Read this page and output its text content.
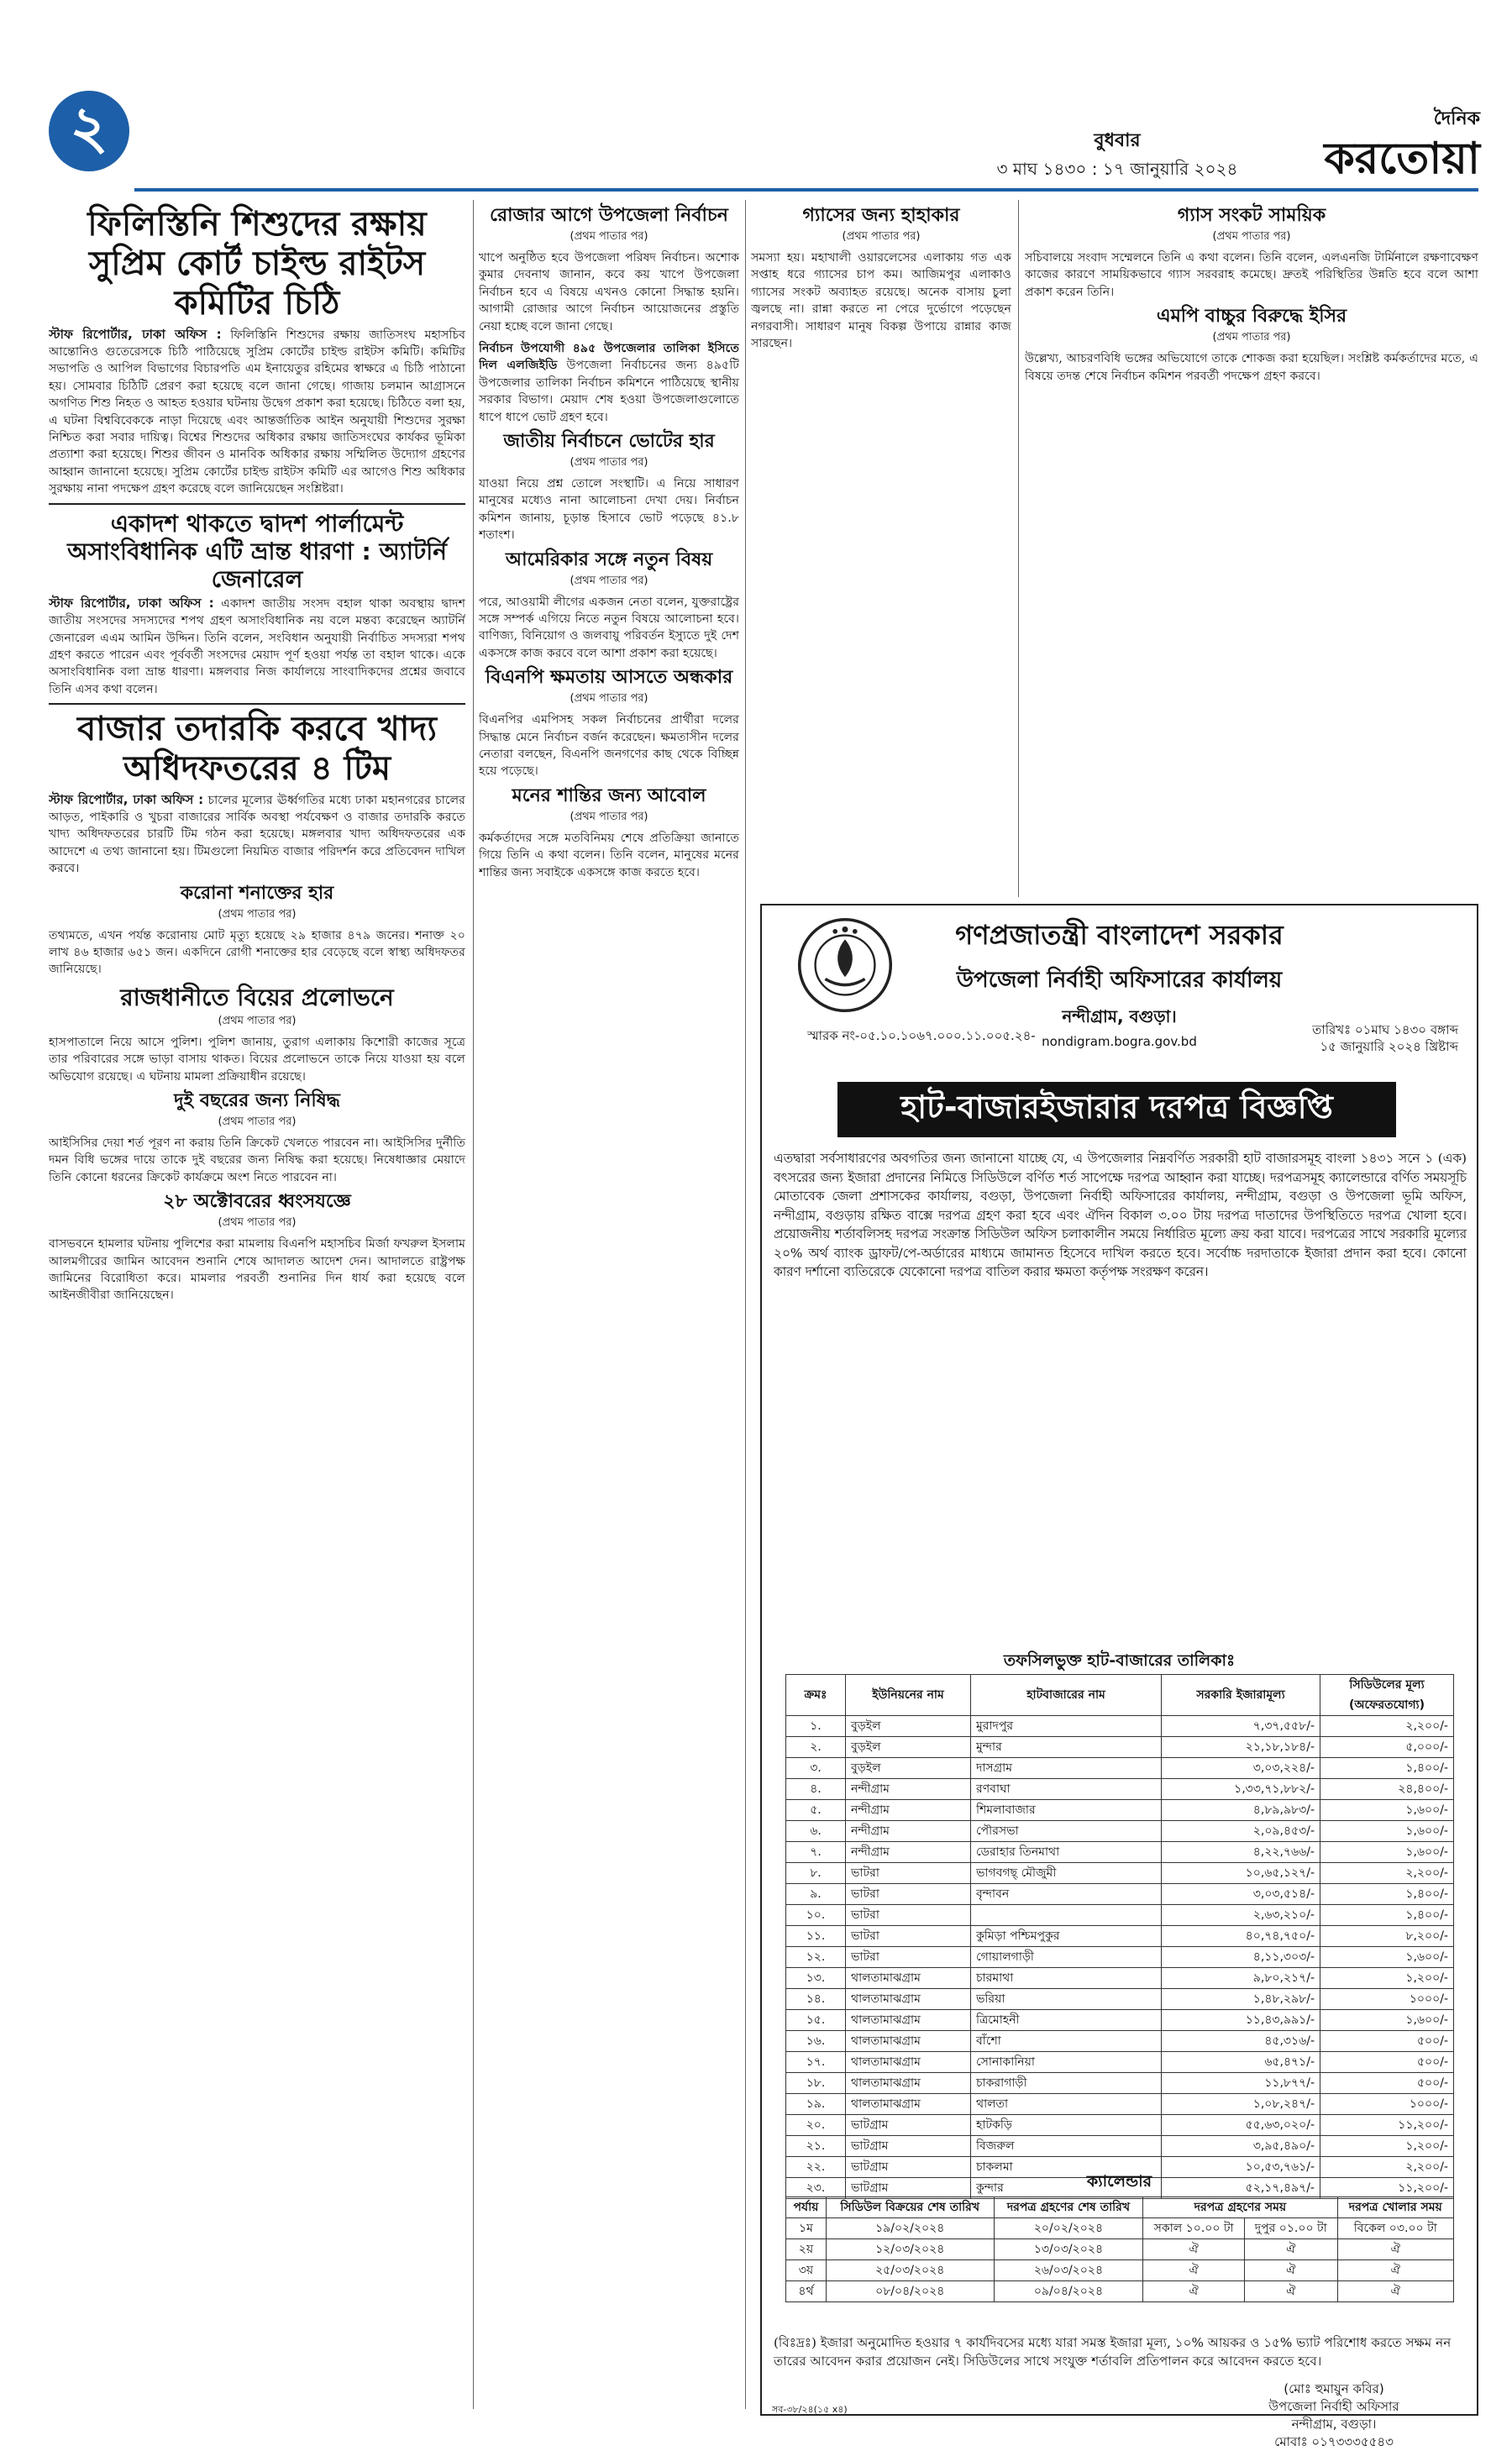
২	বুধবার
৩ মাঘ ১৪৩০ : ১৭ জানুয়ারি ২০২৪
দৈনিক
করতোয়া
ফিলিস্তিনি শিশুদের রক্ষায় সুপ্রিম কোর্ট চাইল্ড রাইটস কমিটির চিঠি

স্টাফ রিপোর্টার, ঢাকা অফিস : ফিলিস্তিনি শিশুদের রক্ষায় জাতিসংঘ মহাসচিব আন্তোনিও গুতেরেসকে চিঠি পাঠিয়েছে সুপ্রিম কোর্টের চাইল্ড রাইটস কমিটি। কমিটির সভাপতি ও আপিল বিভাগের বিচারপতি এম ইনায়েতুর রহিমের স্বাক্ষরে এ চিঠি পাঠানো হয়। সোমবার চিঠিটি প্রেরণ করা হয়েছে বলে জানা গেছে। গাজায় চলমান আগ্রাসনে অগণিত শিশু নিহত ও আহত হওয়ার ঘটনায় উদ্বেগ প্রকাশ করা হয়েছে। চিঠিতে বলা হয়, এ ঘটনা বিশ্ববিবেককে নাড়া দিয়েছে এবং আন্তর্জাতিক আইন অনুযায়ী শিশুদের সুরক্ষা নিশ্চিত করা সবার দায়িত্ব। বিশ্বের শিশুদের অধিকার রক্ষায় জাতিসংঘের কার্যকর ভূমিকা প্রত্যাশা করা হয়েছে। শিশুর জীবন ও মানবিক অধিকার রক্ষায় সম্মিলিত উদ্যোগ গ্রহণের আহ্বান জানানো হয়েছে। সুপ্রিম কোর্টের চাইল্ড রাইটস কমিটি এর আগেও শিশু অধিকার সুরক্ষায় নানা পদক্ষেপ গ্রহণ করেছে বলে জানিয়েছেন সংশ্লিষ্টরা।

একাদশ থাকতে দ্বাদশ পার্লামেন্ট অসাংবিধানিক এটি ভ্রান্ত ধারণা : অ্যাটর্নি জেনারেল

স্টাফ রিপোর্টার, ঢাকা অফিস : একাদশ জাতীয় সংসদ বহাল থাকা অবস্থায় দ্বাদশ জাতীয় সংসদের সদস্যদের শপথ গ্রহণ অসাংবিধানিক নয় বলে মন্তব্য করেছেন অ্যাটর্নি জেনারেল এএম আমিন উদ্দিন। তিনি বলেন, সংবিধান অনুযায়ী নির্বাচিত সদস্যরা শপথ গ্রহণ করতে পারেন এবং পূর্ববর্তী সংসদের মেয়াদ পূর্ণ হওয়া পর্যন্ত তা বহাল থাকে। একে অসাংবিধানিক বলা ভ্রান্ত ধারণা। মঙ্গলবার নিজ কার্যালয়ে সাংবাদিকদের প্রশ্নের জবাবে তিনি এসব কথা বলেন।

বাজার তদারকি করবে খাদ্য অধিদফতরের ৪ টিম

স্টাফ রিপোর্টার, ঢাকা অফিস : চালের মূল্যের ঊর্ধ্বগতির মধ্যে ঢাকা মহানগরের চালের আড়ত, পাইকারি ও খুচরা বাজারের সার্বিক অবস্থা পর্যবেক্ষণ ও বাজার তদারকি করতে খাদ্য অধিদফতরের চারটি টিম গঠন করা হয়েছে। মঙ্গলবার খাদ্য অধিদফতরের এক আদেশে এ তথ্য জানানো হয়। টিমগুলো নিয়মিত বাজার পরিদর্শন করে প্রতিবেদন দাখিল করবে।

করোনা শনাক্তের হার
(প্রথম পাতার পর)

তথ্যমতে, এখন পর্যন্ত করোনায় মোট মৃত্যু হয়েছে ২৯ হাজার ৪৭৯ জনের। শনাক্ত ২০ লাখ ৪৬ হাজার ৬৫১ জন। একদিনে রোগী শনাক্তের হার বেড়েছে বলে স্বাস্থ্য অধিদফতর জানিয়েছে।

রাজধানীতে বিয়ের প্রলোভনে
(প্রথম পাতার পর)

হাসপাতালে নিয়ে আসে পুলিশ। পুলিশ জানায়, তুরাগ এলাকায় কিশোরী কাজের সূত্রে তার পরিবারের সঙ্গে ভাড়া বাসায় থাকত। বিয়ের প্রলোভনে তাকে নিয়ে যাওয়া হয় বলে অভিযোগ রয়েছে। এ ঘটনায় মামলা প্রক্রিয়াধীন রয়েছে।

দুই বছরের জন্য নিষিদ্ধ
(প্রথম পাতার পর)

আইসিসির দেয়া শর্ত পূরণ না করায় তিনি ক্রিকেট খেলতে পারবেন না। আইসিসির দুর্নীতি দমন বিধি ভঙ্গের দায়ে তাকে দুই বছরের জন্য নিষিদ্ধ করা হয়েছে। নিষেধাজ্ঞার মেয়াদে তিনি কোনো ধরনের ক্রিকেট কার্যক্রমে অংশ নিতে পারবেন না।

২৮ অক্টোবরের ধ্বংসযজ্ঞে
(প্রথম পাতার পর)

বাসভবনে হামলার ঘটনায় পুলিশের করা মামলায় বিএনপি মহাসচিব মির্জা ফখরুল ইসলাম আলমগীরের জামিন আবেদন শুনানি শেষে আদালত আদেশ দেন। আদালতে রাষ্ট্রপক্ষ জামিনের বিরোধিতা করে। মামলার পরবর্তী শুনানির দিন ধার্য করা হয়েছে বলে আইনজীবীরা জানিয়েছেন।

রোজার আগে উপজেলা নির্বাচন
(প্রথম পাতার পর)

খাপে অনুষ্ঠিত হবে উপজেলা পরিষদ নির্বাচন। অশোক কুমার দেবনাথ জানান, কবে কয় খাপে উপজেলা নির্বাচন হবে এ বিষয়ে এখনও কোনো সিদ্ধান্ত হয়নি। আগামী রোজার আগে নির্বাচন আয়োজনের প্রস্তুতি নেয়া হচ্ছে বলে জানা গেছে।

নির্বাচন উপযোগী ৪৯৫ উপজেলার তালিকা ইসিতে দিল এলজিইডি উপজেলা নির্বাচনের জন্য ৪৯৫টি উপজেলার তালিকা নির্বাচন কমিশনে পাঠিয়েছে স্থানীয় সরকার বিভাগ। মেয়াদ শেষ হওয়া উপজেলাগুলোতে ধাপে ধাপে ভোট গ্রহণ হবে।

জাতীয় নির্বাচনে ভোটের হার
(প্রথম পাতার পর)

যাওয়া নিয়ে প্রশ্ন তোলে সংস্থাটি। এ নিয়ে সাধারণ মানুষের মধ্যেও নানা আলোচনা দেখা দেয়। নির্বাচন কমিশন জানায়, চূড়ান্ত হিসাবে ভোট পড়েছে ৪১.৮ শতাংশ।

আমেরিকার সঙ্গে নতুন বিষয়
(প্রথম পাতার পর)

পরে, আওয়ামী লীগের একজন নেতা বলেন, যুক্তরাষ্ট্রের সঙ্গে সম্পর্ক এগিয়ে নিতে নতুন বিষয়ে আলোচনা হবে। বাণিজ্য, বিনিয়োগ ও জলবায়ু পরিবর্তন ইস্যুতে দুই দেশ একসঙ্গে কাজ করবে বলে আশা প্রকাশ করা হয়েছে।

বিএনপি ক্ষমতায় আসতে অন্ধকার
(প্রথম পাতার পর)

বিএনপির এমপিসহ সকল নির্বাচনের প্রার্থীরা দলের সিদ্ধান্ত মেনে নির্বাচন বর্জন করেছেন। ক্ষমতাসীন দলের নেতারা বলছেন, বিএনপি জনগণের কাছ থেকে বিচ্ছিন্ন হয়ে পড়েছে।

মনের শান্তির জন্য আবোল
(প্রথম পাতার পর)

কর্মকর্তাদের সঙ্গে মতবিনিময় শেষে প্রতিক্রিয়া জানাতে গিয়ে তিনি এ কথা বলেন। তিনি বলেন, মানুষের মনের শান্তির জন্য সবাইকে একসঙ্গে কাজ করতে হবে।

গ্যাসের জন্য হাহাকার
(প্রথম পাতার পর)

সমস্যা হয়। মহাখালী ওয়ারলেসের এলাকায় গত এক সপ্তাহ ধরে গ্যাসের চাপ কম। আজিমপুর এলাকাও গ্যাসের সংকট অব্যাহত রয়েছে। অনেক বাসায় চুলা জ্বলছে না। রান্না করতে না পেরে দুর্ভোগে পড়েছেন নগরবাসী। সাধারণ মানুষ বিকল্প উপায়ে রান্নার কাজ সারছেন।

গ্যাস সংকট সাময়িক
(প্রথম পাতার পর)

সচিবালয়ে সংবাদ সম্মেলনে তিনি এ কথা বলেন। তিনি বলেন, এলএনজি টার্মিনালে রক্ষণাবেক্ষণ কাজের কারণে সাময়িকভাবে গ্যাস সরবরাহ কমেছে। দ্রুতই পরিস্থিতির উন্নতি হবে বলে আশা প্রকাশ করেন তিনি।

এমপি বাচ্চুর বিরুদ্ধে ইসির
(প্রথম পাতার পর)

উল্লেখ্য, আচরণবিধি ভঙ্গের অভিযোগে তাকে শোকজ করা হয়েছিল। সংশ্লিষ্ট কর্মকর্তাদের মতে, এ বিষয়ে তদন্ত শেষে নির্বাচন কমিশন পরবর্তী পদক্ষেপ গ্রহণ করবে।

গণপ্রজাতন্ত্রী বাংলাদেশ সরকার
উপজেলা নির্বাহী অফিসারের কার্যালয়
নন্দীগ্রাম, বগুড়া।
nondigram.bogra.gov.bd
স্মারক নং-০৫.১০.১০৬৭.০০০.১১.০০৫.২৪-	তারিখঃ ০১মাঘ ১৪৩০ বঙ্গাব্দ
১৫ জানুয়ারি ২০২৪ খ্রিষ্টাব্দ
হাট-বাজারইজারার দরপত্র বিজ্ঞপ্তি
এতদ্বারা সর্বসাধারণের অবগতির জন্য জানানো যাচ্ছে যে, এ উপজেলার নিম্নবর্ণিত সরকারী হাট বাজারসমূহ বাংলা ১৪৩১ সনে ১ (এক) বৎসরের জন্য ইজারা প্রদানের নিমিত্তে সিডিউলে বর্ণিত শর্ত সাপেক্ষে দরপত্র আহ্বান করা যাচ্ছে। দরপত্রসমূহ ক্যালেন্ডারে বর্ণিত সময়সূচি মোতাবেক জেলা প্রশাসকের কার্যালয়, বগুড়া, উপজেলা নির্বাহী অফিসারের কার্যালয়, নন্দীগ্রাম, বগুড়া ও উপজেলা ভূমি অফিস, নন্দীগ্রাম, বগুড়ায় রক্ষিত বাক্সে দরপত্র গ্রহণ করা হবে এবং ঐদিন বিকাল ৩.০০ টায় দরপত্র দাতাদের উপস্থিতিতে দরপত্র খোলা হবে। প্রয়োজনীয় শর্তাবলিসহ দরপত্র সংক্রান্ত সিডিউল অফিস চলাকালীন সময়ে নির্ধারিত মূল্যে ক্রয় করা যাবে। দরপত্রের সাথে সরকারি মূল্যের ২০% অর্থ ব্যাংক ড্রাফট/পে-অর্ডারের মাধ্যমে জামানত হিসেবে দাখিল করতে হবে। সর্বোচ্চ দরদাতাকে ইজারা প্রদান করা হবে। কোনো কারণ দর্শানো ব্যতিরেকে যেকোনো দরপত্র বাতিল করার ক্ষমতা কর্তৃপক্ষ সংরক্ষণ করেন।
তফসিলভুক্ত হাট-বাজারের তালিকাঃ
ক্রমঃ	ইউনিয়নের নাম	হাটবাজারের নাম	সরকারি ইজারামূল্য	সিডিউলের মূল্য (অফেরতযোগ্য)
১.	বুড়ইল	মুরাদপুর	৭,৩৭,৫৫৮/-	২,২০০/-
২.	বুড়ইল	মুন্দার	২১,১৮,১৮৪/-	৫,০০০/-
৩.	বুড়ইল	দাসগ্রাম	৩,০৩,২২৪/-	১,৪০০/-
৪.	নন্দীগ্রাম	রণবাঘা	১,৩৩,৭১,৮৮২/-	২৪,৪০০/-
৫.	নন্দীগ্রাম	শিমলাবাজার	৪,৮৯,৯৮৩/-	১,৬০০/-
৬.	নন্দীগ্রাম	পৌরসভা	২,০৯,৪৫৩/-	১,৬০০/-
৭.	নন্দীগ্রাম	ডেরাহার তিনমাথা	৪,২২,৭৬৬/-	১,৬০০/-
৮.	ভাটরা	ভাগবগছ্ মৌজুমী	১০,৬৫,১২৭/-	২,২০০/-
৯.	ভাটরা	বৃন্দাবন	৩,০৩,৫১৪/-	১,৪০০/-
১০.	ভাটরা		২,৬৩,২১০/-	১,৪০০/-
১১.	ভাটরা	কুমিড়া পশ্চিমপুকুর	৪০,৭৪,৭৫০/-	৮,২০০/-
১২.	ভাটরা	গোয়ালগাড়ী	৪,১১,৩০৩/-	১,৬০০/-
১৩.	থালতামাঝগ্রাম	চারমাথা	৯,৮০,২১৭/-	১,২০০/-
১৪.	থালতামাঝগ্রাম	ভরিয়া	১,৪৮,২৯৮/-	১০০০/-
১৫.	থালতামাঝগ্রাম	ত্রিমোহনী	১১,৪৩,৯৯১/-	১,৬০০/-
১৬.	থালতামাঝগ্রাম	বাঁশো	৪৫,৩১৬/-	৫০০/-
১৭.	থালতামাঝগ্রাম	সোনাকানিয়া	৬৫,৪৭১/-	৫০০/-
১৮.	থালতামাঝগ্রাম	চাকরাগাড়ী	১১,৮৭৭/-	৫০০/-
১৯.	থালতামাঝগ্রাম	থালতা	১,০৮,২৪৭/-	১০০০/-
২০.	ভাটগ্রাম	হাটকড়ি	৫৫,৬৩,০২০/-	১১,২০০/-
২১.	ভাটগ্রাম	বিজরুল	৩,৯৫,৪৯০/-	১,২০০/-
২২.	ভাটগ্রাম	চাকলমা	১০,৫৩,৭৬১/-	২,২০০/-
২৩.	ভাটগ্রাম	কুন্দার	৫২,১৭,৪৯৭/-	১১,২০০/-
ক্যালেন্ডার
পর্যায়	সিডিউল বিক্রয়ের শেষ তারিখ	দরপত্র গ্রহণের শেষ তারিখ	দরপত্র গ্রহণের সময়		দরপত্র খোলার সময়
১ম	১৯/০২/২০২৪	২০/০২/২০২৪	সকাল ১০.০০ টা	দুপুর ০১.০০ টা	বিকেল ০৩.০০ টা
২য়	১২/০৩/২০২৪	১৩/০৩/২০২৪	ঐ	ঐ	ঐ
৩য়	২৫/০৩/২০২৪	২৬/০৩/২০২৪	ঐ	ঐ	ঐ
৪র্থ	০৮/০৪/২০২৪	০৯/০৪/২০২৪	ঐ	ঐ	ঐ
(বিঃদ্রঃ) ইজারা অনুমোদিত হওয়ার ৭ কার্যদিবসের মধ্যে যারা সমস্ত ইজারা মূল্য, ১০% আয়কর ও ১৫% ভ্যাট পরিশোধ করতে সক্ষম নন তারের আবেদন করার প্রয়োজন নেই। সিডিউলের সাথে সংযুক্ত শর্তাবলি প্রতিপালন করে আবেদন করতে হবে।
(মোঃ হুমায়ুন কবির)
উপজেলা নির্বাহী অফিসার
নন্দীগ্রাম, বগুড়া।
মোবাঃ ০১৭৩৩৩৫৫৪৩
সব-৩৮/২৪(১৫ x৪)
